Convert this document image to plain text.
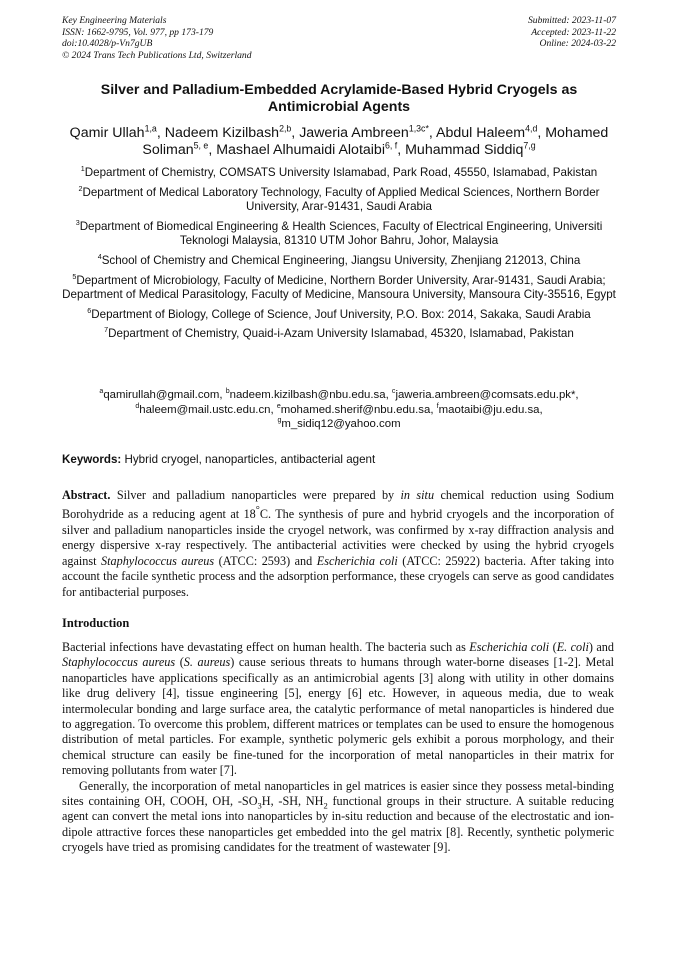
Key Engineering Materials
ISSN: 1662-9795, Vol. 977, pp 173-179
doi:10.4028/p-Vn7gUB
© 2024 Trans Tech Publications Ltd, Switzerland
Submitted: 2023-11-07
Accepted: 2023-11-22
Online: 2024-03-22
Silver and Palladium-Embedded Acrylamide-Based Hybrid Cryogels as Antimicrobial Agents
Qamir Ullah$^{1,a}$, Nadeem Kizilbash$^{2,b}$, Jaweria Ambreen$^{1,3c*}$, Abdul Haleem$^{4,d}$, Mohamed Soliman$^{5, e}$, Mashael Alhumaidi Alotaibi$^{6, f}$, Muhammad Siddiq$^{7,g}$
$^1$Department of Chemistry, COMSATS University Islamabad, Park Road, 45550, Islamabad, Pakistan
$^2$Department of Medical Laboratory Technology, Faculty of Applied Medical Sciences, Northern Border University, Arar-91431, Saudi Arabia
$^3$Department of Biomedical Engineering & Health Sciences, Faculty of Electrical Engineering, Universiti Teknologi Malaysia, 81310 UTM Johor Bahru, Johor, Malaysia
$^4$School of Chemistry and Chemical Engineering, Jiangsu University, Zhenjiang 212013, China
$^5$Department of Microbiology, Faculty of Medicine, Northern Border University, Arar-91431, Saudi Arabia; Department of Medical Parasitology, Faculty of Medicine, Mansoura University, Mansoura City-35516, Egypt
$^6$Department of Biology, College of Science, Jouf University, P.O. Box: 2014, Sakaka, Saudi Arabia
$^7$Department of Chemistry, Quaid-i-Azam University Islamabad, 45320, Islamabad, Pakistan
$^a$qamirullah@gmail.com, $^b$nadeem.kizilbash@nbu.edu.sa, $^c$jaweria.ambreen@comsats.edu.pk*,
$^d$haleem@mail.ustc.edu.cn, $^e$mohamed.sherif@nbu.edu.sa, $^f$maotaibi@ju.edu.sa,
$^g$m_sidiq12@yahoo.com
Keywords: Hybrid cryogel, nanoparticles, antibacterial agent
Abstract. Silver and palladium nanoparticles were prepared by in situ chemical reduction using Sodium Borohydride as a reducing agent at 18°C. The synthesis of pure and hybrid cryogels and the incorporation of silver and palladium nanoparticles inside the cryogel network, was confirmed by x-ray diffraction analysis and energy dispersive x-ray respectively. The antibacterial activities were checked by using the hybrid cryogels against Staphylococcus aureus (ATCC: 2593) and Escherichia coli (ATCC: 25922) bacteria. After taking into account the facile synthetic process and the adsorption performance, these cryogels can serve as good candidates for antibacterial purposes.
Introduction

Bacterial infections have devastating effect on human health. The bacteria such as Escherichia coli (E. coli) and Staphylococcus aureus (S. aureus) cause serious threats to humans through water-borne diseases [1-2]. Metal nanoparticles have applications specifically as an antimicrobial agents [3] along with utility in other domains like drug delivery [4], tissue engineering [5], energy [6] etc. However, in aqueous media, due to weak intermolecular bonding and large surface area, the catalytic performance of metal nanoparticles is hindered due to aggregation. To overcome this problem, different matrices or templates can be used to ensure the homogenous distribution of metal particles. For example, synthetic polymeric gels exhibit a porous morphology, and their chemical structure can easily be fine-tuned for the incorporation of metal nanoparticles in their matrix for removing pollutants from water [7].

Generally, the incorporation of metal nanoparticles in gel matrices is easier since they possess metal-binding sites containing OH, COOH, OH, $-SO_3H$, -SH, $NH_2$ functional groups in their structure. A suitable reducing agent can convert the metal ions into nanoparticles by in-situ reduction and because of the electrostatic and ion-dipole attractive forces these nanoparticles get embedded into the gel matrix [8]. Recently, synthetic polymeric cryogels have tried as promising candidates for the treatment of wastewater [9].
